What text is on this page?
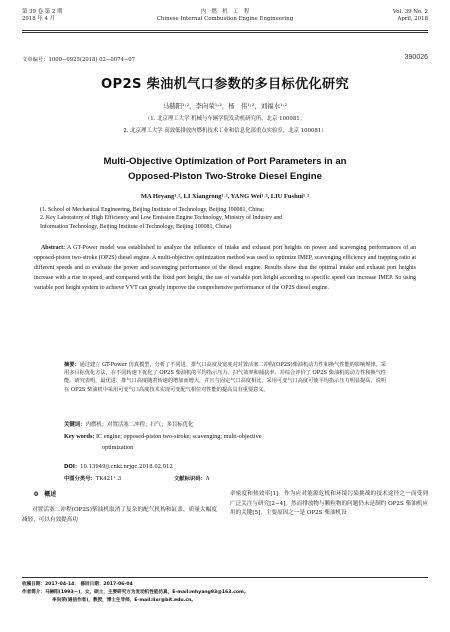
第 39 卷 第 2 期
2018 年 4 月
内　燃　机　工　程
Chinese Internal Combustion Engine Engineering
Vol. 39 No. 2
April, 2018
文章编号：1000−0925(2018) 02−0074−07	390026
OP2S 柴油机气口参数的多目标优化研究
马赫阳¹˒²，李向荣¹˒²，杨　伟¹˒²，刘福水¹˒²
（1. 北京理工大学 机械与车辆学院发动机研究所，北京 100081；
2. 北京理工大学 高效低排放内燃机技术工业和信息化部重点实验室，北京 100081）
Multi-Objective Optimization of Port Parameters in an
Opposed-Piston Two-Stroke Diesel Engine
MA Heyang¹˒², LI Xiangrong¹˒², YANG Wei¹˒², LIU Fushui¹˒²

(1. School of Mechanical Engineering, Beijing Institute of Technology, Beijing 100081, China;

2. Key Laboratory of High Efficiency and Low Emission Engine Technology, Ministry of Industry and

Information Technology, Beijing Institute of Technology, Beijing 100081, China)

Abstract: A GT-Power model was established to analyze the influence of intake and exhaust port heights on power and scavenging performances of an opposed-piston two-stroke (OP2S) diesel engine. A multi-objective optimization method was used to optimize IMEP, scavenging efficiency and trapping ratio at different speeds and to evaluate the power and scavenging performance of the diesel engine. Results show that the optimal intake and exhaust port heights increase with a rise in speed, and compared with the fixed port height, the use of variable port height according to specific speed can increase IMEP. So using variable port height system to achieve VVT can greatly improve the comprehensive performance of the OP2S diesel engine.
摘要：通过建立 GT-Power 仿真模型，分析了不同进、排气口高度及宽度对对置活塞二冲程(OP2S)柴油机动力性和换气性能的影响规律。采用多目标优化方法，在不同转速下优化了 OP2S 柴油机的平均指示压力、扫气效率和捕获率，并综合评价了 OP2S 柴油机的动力性和换气性能。研究表明，最优进、排气口高度随着转速的增加而增大，并且与固定气口高度相比，采用可变气口高度可使平均指示压力明显提高，说明在 OP2S 柴油机中采用可变气口高度技术实现可变配气相位对性能的提高具有重要意义。
关键词：内燃机；对置活塞二冲程；扫气；多目标优化
Key words: IC engine; opposed-piston two-stroke; scavenging; multi-objective
optimization
DOI：10.13949/j.cnki.nrjgc.2018.02.012
中图分类号：TK421⁺.3	文献标识码：A
0 概述
对置活塞二冲程(OP2S)柴油机取消了复杂的配气机构和缸盖，质量大幅度减轻，可以有效提高功
率密度和热效率[1]。作为应对能源危机和环境污染挑战的技术途径之一而受到广泛关注与研究[2−4]。然而排放物与颗粒物的问题仍未是制约 OP2S 柴油机应用的关键[5]，主要原因之一是 OP2S 柴油机设
收稿日期：2017-04-14； 修回日期：2017-06-04
作者简介：马赫阳(1993—)，女，硕士，主要研究方为发动机性能仿真，E-mail:mhyang93@163.com。
李向荣(通信作者)，教授，博士生导师，E-mail:lixr@bit.edu.cn。
